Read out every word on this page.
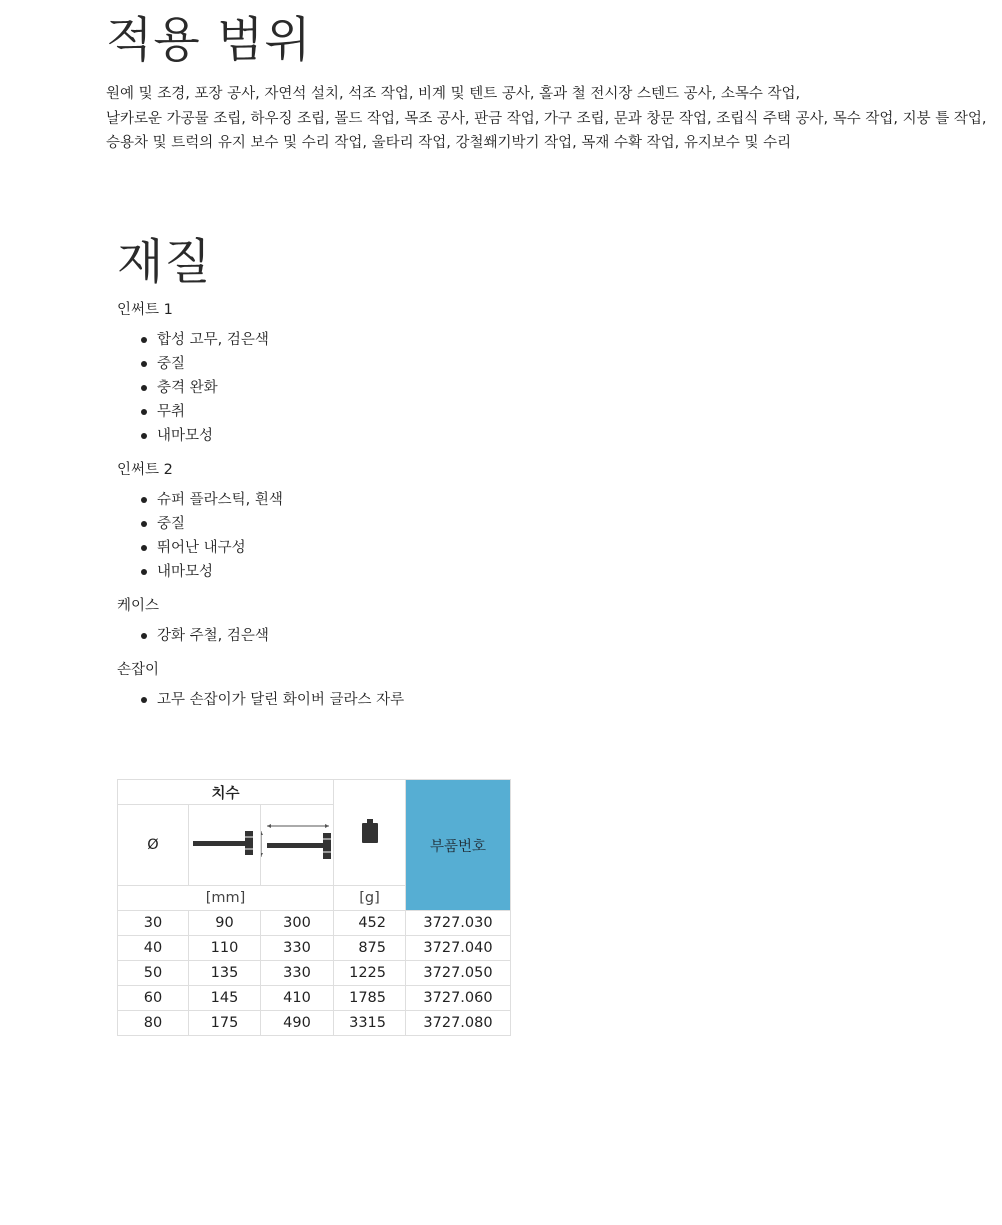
적용 범위

원예 및 조경, 포장 공사, 자연석 설치, 석조 작업, 비계 및 텐트 공사, 홀과 철 전시장 스텐드 공사, 소목수 작업,

날카로운 가공물 조립, 하우징 조립, 몰드 작업, 목조 공사, 판금 작업, 가구 조립, 문과 창문 작업, 조립식 주택 공사, 목수 작업, 지붕 틀 작업,

승용차 및 트럭의 유지 보수 및 수리 작업, 울타리 작업, 강철쐐기박기 작업, 목재 수확 작업, 유지보수 및 수리

재질
인써트 1
합성 고무, 검은색
중질
충격 완화
무취
내마모성
인써트 2
슈퍼 플라스틱, 흰색
중질
뛰어난 내구성
내마모성
케이스
강화 주철, 검은색
손잡이
고무 손잡이가 달린 화이버 글라스 자루
치수				부품번호
Ø		
[mm]			[g]	
30	90	300	452	3727.030
40	110	330	875	3727.040
50	135	330	1225	3727.050
60	145	410	1785	3727.060
80	175	490	3315	3727.080
